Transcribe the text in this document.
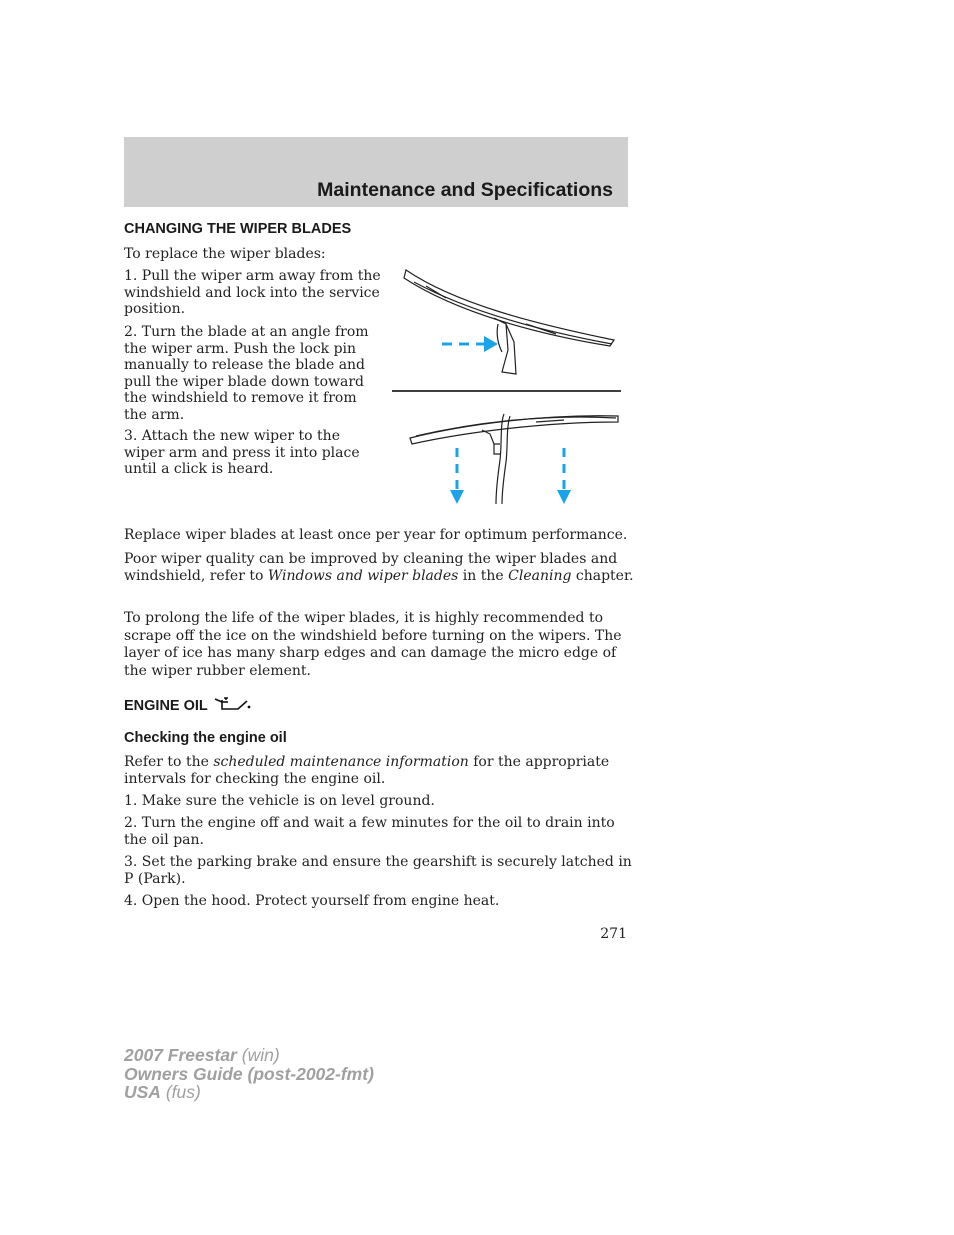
Maintenance and Specifications
CHANGING THE WIPER BLADES

To replace the wiper blades:

1. Pull the wiper arm away from the windshield and lock into the service position.

2. Turn the blade at an angle from the wiper arm. Push the lock pin manually to release the blade and pull the wiper blade down toward the windshield to remove it from the arm.

3. Attach the new wiper to the wiper arm and press it into place until a click is heard.

Replace wiper blades at least once per year for optimum performance.

Poor wiper quality can be improved by cleaning the wiper blades and windshield, refer to Windows and wiper blades in the Cleaning chapter.

To prolong the life of the wiper blades, it is highly recommended to scrape off the ice on the windshield before turning on the wipers. The layer of ice has many sharp edges and can damage the micro edge of the wiper rubber element.

ENGINE OIL
Checking the engine oil

Refer to the scheduled maintenance information for the appropriate intervals for checking the engine oil.

1. Make sure the vehicle is on level ground.

2. Turn the engine off and wait a few minutes for the oil to drain into the oil pan.

3. Set the parking brake and ensure the gearshift is securely latched in P (Park).

4. Open the hood. Protect yourself from engine heat.

271
2007 Freestar (win)
Owners Guide (post-2002-fmt)
USA (fus)
